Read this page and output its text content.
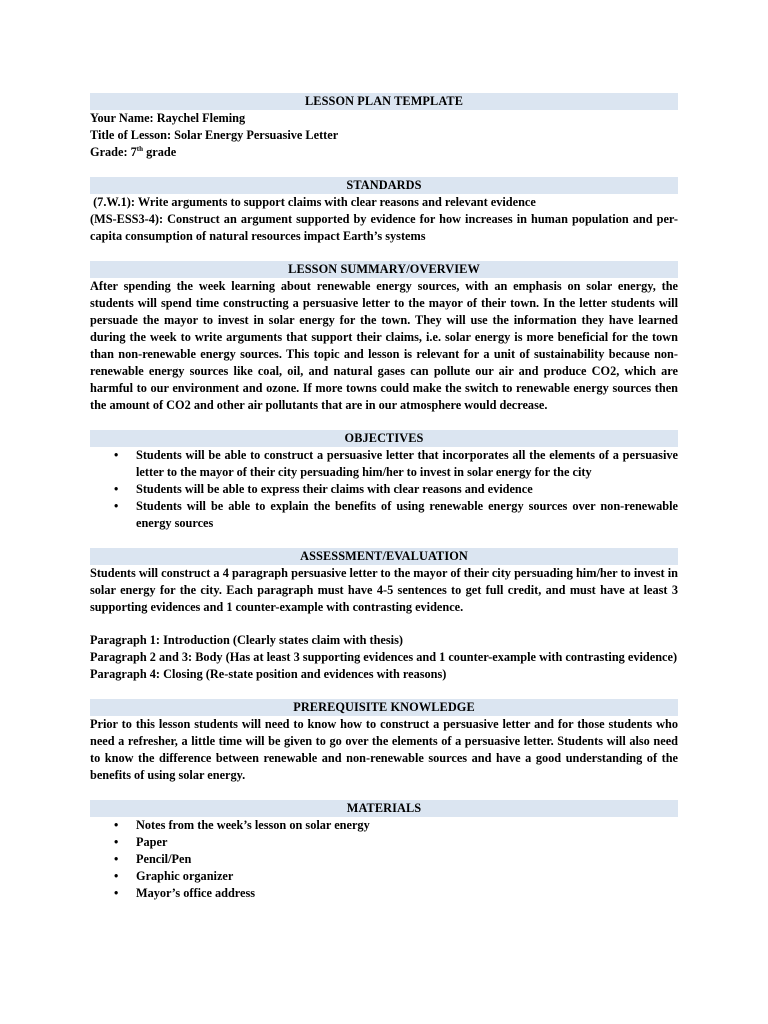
LESSON PLAN TEMPLATE
Your Name: Raychel Fleming
Title of Lesson: Solar Energy Persuasive Letter
Grade: 7th grade
STANDARDS
(7.W.1): Write arguments to support claims with clear reasons and relevant evidence
(MS-ESS3-4): Construct an argument supported by evidence for how increases in human population and per-capita consumption of natural resources impact Earth’s systems
LESSON SUMMARY/OVERVIEW
After spending the week learning about renewable energy sources, with an emphasis on solar energy, the students will spend time constructing a persuasive letter to the mayor of their town. In the letter students will persuade the mayor to invest in solar energy for the town. They will use the information they have learned during the week to write arguments that support their claims, i.e. solar energy is more beneficial for the town than non-renewable energy sources. This topic and lesson is relevant for a unit of sustainability because non-renewable energy sources like coal, oil, and natural gases can pollute our air and produce CO2, which are harmful to our environment and ozone. If more towns could make the switch to renewable energy sources then the amount of CO2 and other air pollutants that are in our atmosphere would decrease.
OBJECTIVES
• Students will be able to construct a persuasive letter that incorporates all the elements of a persuasive letter to the mayor of their city persuading him/her to invest in solar energy for the city
• Students will be able to express their claims with clear reasons and evidence
• Students will be able to explain the benefits of using renewable energy sources over non-renewable energy sources
ASSESSMENT/EVALUATION
Students will construct a 4 paragraph persuasive letter to the mayor of their city persuading him/her to invest in solar energy for the city. Each paragraph must have 4-5 sentences to get full credit, and must have at least 3 supporting evidences and 1 counter-example with contrasting evidence.
Paragraph 1: Introduction (Clearly states claim with thesis)
Paragraph 2 and 3: Body (Has at least 3 supporting evidences and 1 counter-example with contrasting evidence)
Paragraph 4: Closing (Re-state position and evidences with reasons)
PREREQUISITE KNOWLEDGE
Prior to this lesson students will need to know how to construct a persuasive letter and for those students who need a refresher, a little time will be given to go over the elements of a persuasive letter. Students will also need to know the difference between renewable and non-renewable sources and have a good understanding of the benefits of using solar energy.
MATERIALS
• Notes from the week’s lesson on solar energy
• Paper
• Pencil/Pen
• Graphic organizer
• Mayor’s office address
